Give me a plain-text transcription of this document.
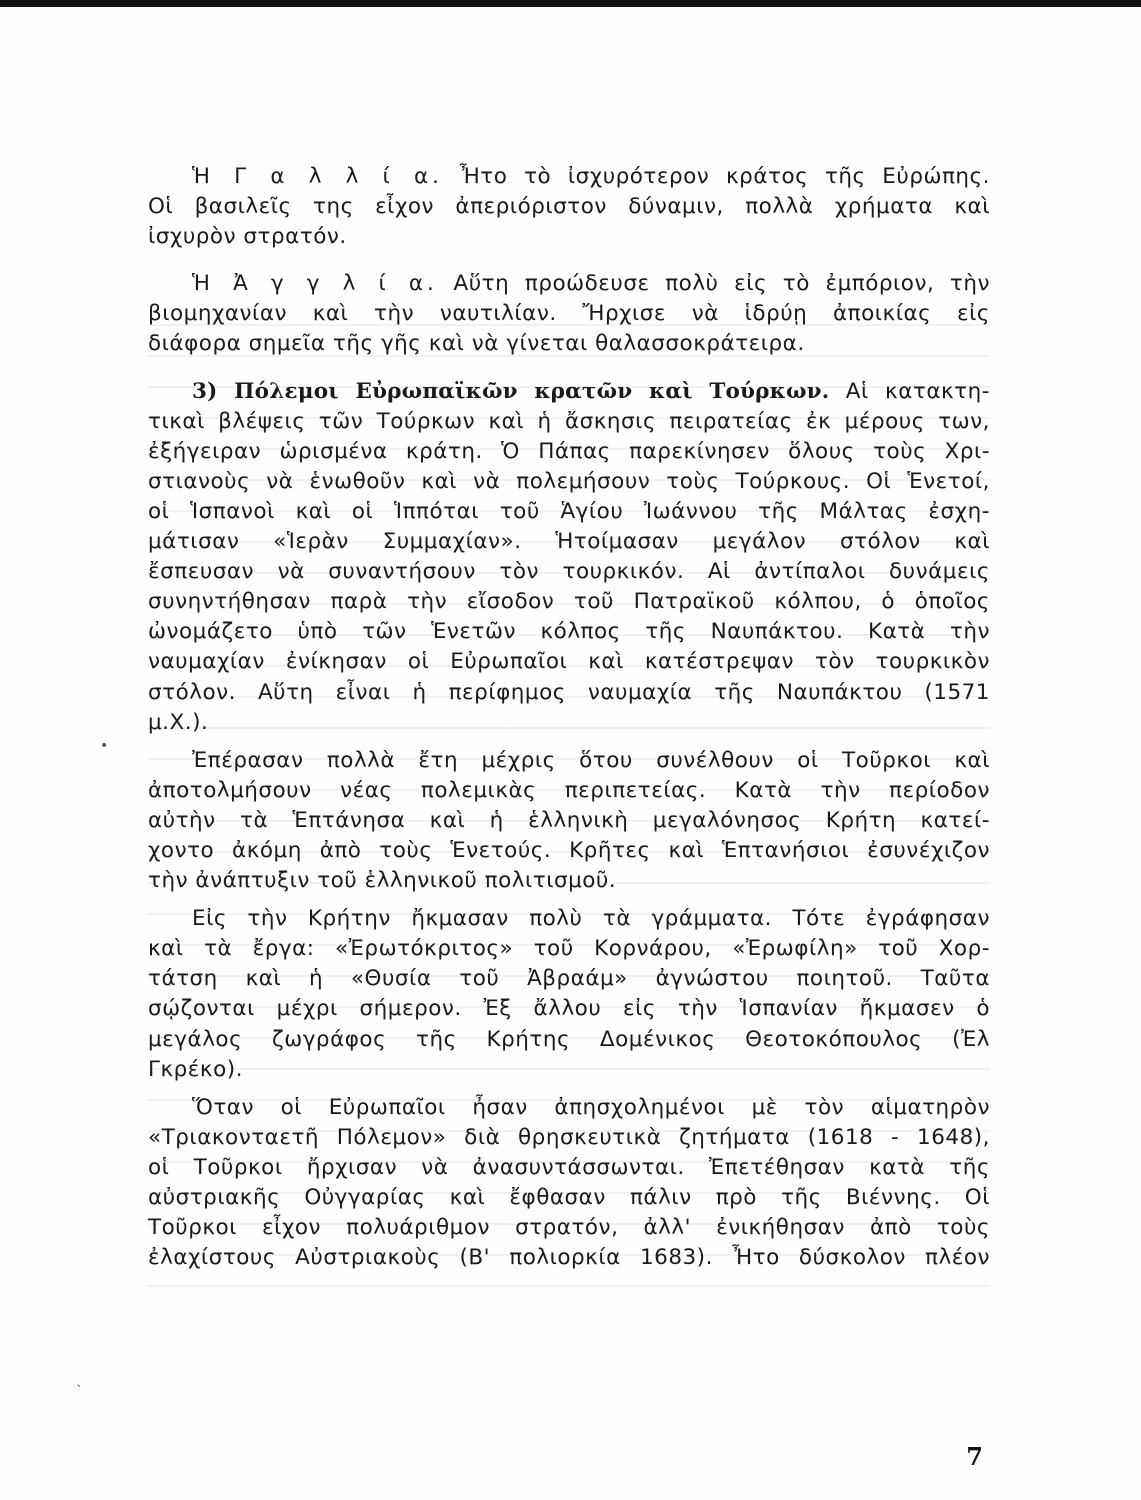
Ἡ Γ α λ λ ί α. Ἦτο τὸ ἰσχυρότερον κράτος τῆς Εὐρώπης.
Οἱ βασιλεῖς της εἶχον ἀπεριόριστον δύναμιν, πολλὰ χρήματα καὶ
ἰσχυρὸν στρατόν.
Ἡ Ἀ γ γ λ ί α. Αὕτη προώδευσε πολὺ εἰς τὸ ἐμπόριον, τὴν
βιομηχανίαν καὶ τὴν ναυτιλίαν. Ἤρχισε νὰ ἱδρύῃ ἀποικίας εἰς
διάφορα σημεῖα τῆς γῆς καὶ νὰ γίνεται θαλασσοκράτειρα.
3) Πόλεμοι Εὐρωπαϊκῶν κρατῶν καὶ Τούρκων. Αἱ κατακτη-
τικαὶ βλέψεις τῶν Τούρκων καὶ ἡ ἄσκησις πειρατείας ἐκ μέρους των,
ἐξήγειραν ὡρισμένα κράτη. Ὁ Πάπας παρεκίνησεν ὅλους τοὺς Χρι-
στιανοὺς νὰ ἑνωθοῦν καὶ νὰ πολεμήσουν τοὺς Τούρκους. Οἱ Ἑνετοί,
οἱ Ἱσπανοὶ καὶ οἱ Ἱππόται τοῦ Ἁγίου Ἰωάννου τῆς Μάλτας ἐσχη-
μάτισαν «Ἱερὰν Συμμαχίαν». Ἡτοίμασαν μεγάλον στόλον καὶ
ἔσπευσαν νὰ συναντήσουν τὸν τουρκικόν. Αἱ ἀντίπαλοι δυνάμεις
συνηντήθησαν παρὰ τὴν εἴσοδον τοῦ Πατραϊκοῦ κόλπου, ὁ ὁποῖος
ὠνομάζετο ὑπὸ τῶν Ἑνετῶν κόλπος τῆς Ναυπάκτου. Κατὰ τὴν
ναυμαχίαν ἐνίκησαν οἱ Εὐρωπαῖοι καὶ κατέστρεψαν τὸν τουρκικὸν
στόλον. Αὕτη εἶναι ἡ περίφημος ναυμαχία τῆς Ναυπάκτου (1571
μ.Χ.).
Ἐπέρασαν πολλὰ ἔτη μέχρις ὅτου συνέλθουν οἱ Τοῦρκοι καὶ
ἀποτολμήσουν νέας πολεμικὰς περιπετείας. Κατὰ τὴν περίοδον
αὐτὴν τὰ Ἑπτάνησα καὶ ἡ ἑλληνικὴ μεγαλόνησος Κρήτη κατεί-
χοντο ἀκόμη ἀπὸ τοὺς Ἑνετούς. Κρῆτες καὶ Ἑπτανήσιοι ἐσυνέχιζον
τὴν ἀνάπτυξιν τοῦ ἑλληνικοῦ πολιτισμοῦ.
Εἰς τὴν Κρήτην ἤκμασαν πολὺ τὰ γράμματα. Τότε ἐγράφησαν
καὶ τὰ ἔργα: «Ἐρωτόκριτος» τοῦ Κορνάρου, «Ἐρωφίλη» τοῦ Χορ-
τάτση καὶ ἡ «Θυσία τοῦ Ἀβραάμ» ἀγνώστου ποιητοῦ. Ταῦτα
σῴζονται μέχρι σήμερον. Ἐξ ἄλλου εἰς τὴν Ἱσπανίαν ἤκμασεν ὁ
μεγάλος ζωγράφος τῆς Κρήτης Δομένικος Θεοτοκόπουλος (Ἐλ
Γκρέκο).
Ὅταν οἱ Εὐρωπαῖοι ἦσαν ἀπησχολημένοι μὲ τὸν αἱματηρὸν
«Τριακονταετῆ Πόλεμον» διὰ θρησκευτικὰ ζητήματα (1618 - 1648),
οἱ Τοῦρκοι ἤρχισαν νὰ ἀνασυντάσσωνται. Ἐπετέθησαν κατὰ τῆς
αὐστριακῆς Οὐγγαρίας καὶ ἔφθασαν πάλιν πρὸ τῆς Βιέννης. Οἱ
Τοῦρκοι εἶχον πολυάριθμον στρατόν, ἀλλ' ἐνικήθησαν ἀπὸ τοὺς
ἐλαχίστους Αὐστριακοὺς (Β' πολιορκία 1683). Ἦτο δύσκολον πλέον
•
ˋ
7
